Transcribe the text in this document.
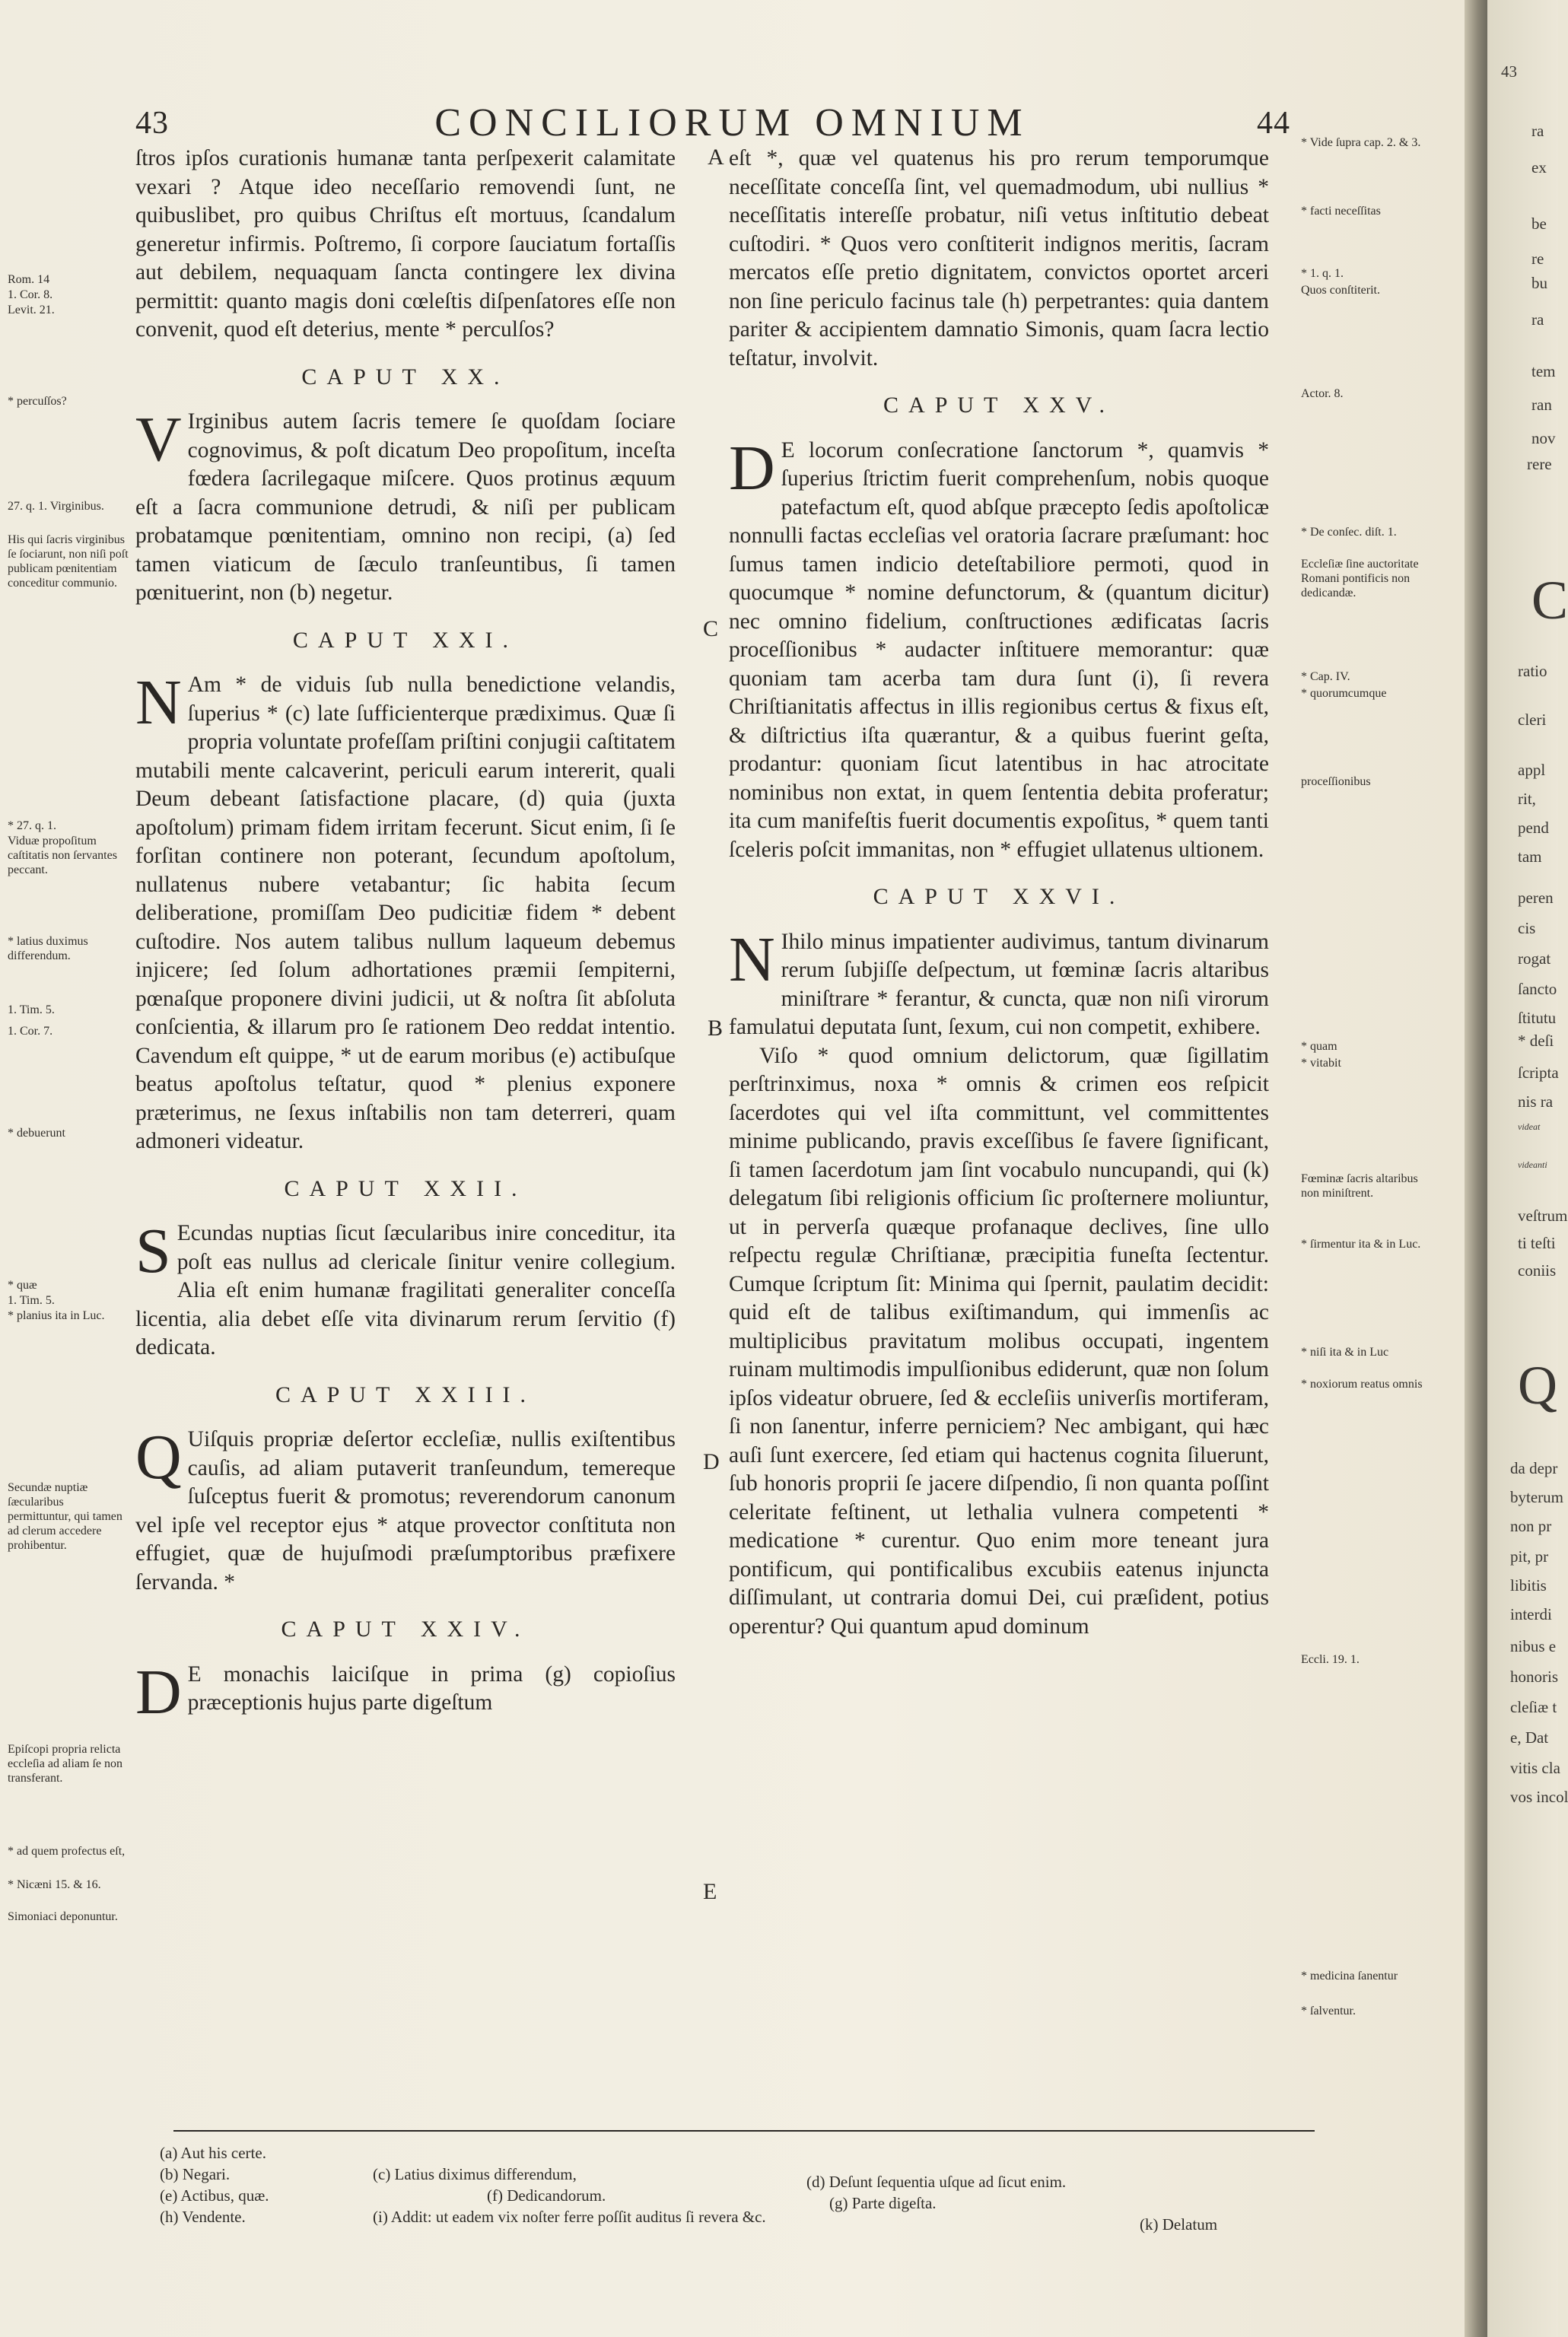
43	CONCILIORUM OMNIUM	44

ſtros ipſos curationis humanæ tanta perſpexerit calamitate vexari ? Atque ideo neceſſario removendi ſunt, ne quibuslibet, pro quibus Chriſtus eſt mortuus, ſcandalum generetur infirmis. Poſtremo, ſi corpore ſauciatum fortaſſis aut debilem, nequaquam ſancta contingere lex divina permittit: quanto magis doni cœleſtis diſpenſatores eſſe non convenit, quod eſt deterius, mente * perculſos?

CAPUT XX.

V Irginibus autem ſacris temere ſe quoſdam ſociare cognovimus, & poſt dicatum Deo propoſitum, inceſta fœdera ſacrilegaque miſcere. Quos protinus æquum eſt a ſacra communione detrudi, & niſi per publicam probatamque pœnitentiam, omnino non recipi, (a) ſed tamen viaticum de ſæculo tranſeuntibus, ſi tamen pœnituerint, non (b) negetur.

CAPUT XXI.

N Am * de viduis ſub nulla benedictione velandis, ſuperius * (c) late ſufficienterque prædiximus. Quæ ſi propria voluntate profeſſam priſtini conjugii caſtitatem mutabili mente calcaverint, periculi earum intererit, quali Deum debeant ſatisfactione placare, (d) quia (juxta apoſtolum) primam fidem irritam fecerunt. Sicut enim, ſi ſe forſitan continere non poterant, ſecundum apoſtolum, nullatenus nubere vetabantur; ſic habita ſecum deliberatione, promiſſam Deo pudicitiæ fidem * debent cuſtodire. Nos autem talibus nullum laqueum debemus injicere; ſed ſolum adhortationes præmii ſempiterni, pœnaſque proponere divini judicii, ut & noſtra ſit abſoluta conſcientia, & illarum pro ſe rationem Deo reddat intentio. Cavendum eſt quippe, * ut de earum moribus (e) actibuſque beatus apoſtolus teſtatur, quod * plenius exponere præterimus, ne ſexus inſtabilis non tam deterreri, quam admoneri videatur.

CAPUT XXII.

S Ecundas nuptias ſicut ſæcularibus inire conceditur, ita poſt eas nullus ad clericale ſinitur venire collegium. Alia eſt enim humanæ fragilitati generaliter conceſſa licentia, alia debet eſſe vita divinarum rerum ſervitio (f) dedicata.

CAPUT XXIII.

Q Uiſquis propriæ deſertor eccleſiæ, nullis exiſtentibus cauſis, ad aliam putaverit tranſeundum, temereque ſuſceptus fuerit & promotus; reverendorum canonum vel ipſe vel receptor ejus * atque provector conſtituta non effugiet, quæ de hujuſmodi præſumptoribus præfixere ſervanda. *

CAPUT XXIV.

D E monachis laiciſque in prima (g) copioſius præceptionis hujus parte digeſtum

eſt *, quæ vel quatenus his pro rerum temporumque neceſſitate conceſſa ſint, vel quemadmodum, ubi nullius * neceſſitatis intereſſe probatur, niſi vetus inſtitutio debeat cuſtodiri. * Quos vero conſtiterit indignos meritis, ſacram mercatos eſſe pretio dignitatem, convictos oportet arceri non ſine periculo facinus tale (h) perpetrantes: quia dantem pariter & accipientem damnatio Simonis, quam ſacra lectio teſtatur, involvit.

CAPUT XXV.

D E locorum conſecratione ſanctorum *, quamvis * ſuperius ſtrictim fuerit comprehenſum, nobis quoque patefactum eſt, quod abſque præcepto ſedis apoſtolicæ nonnulli factas eccleſias vel oratoria ſacrare præſumant: hoc ſumus tamen indicio deteſtabiliore permoti, quod in quocumque * nomine defunctorum, & (quantum dicitur) nec omnino fidelium, conſtructiones ædificatas ſacris proceſſionibus * audacter inſtituere memorantur: quæ quoniam tam acerba tam dura ſunt (i), ſi revera Chriſtianitatis affectus in illis regionibus certus & fixus eſt, & diſtrictius iſta quærantur, & a quibus fuerint geſta, prodantur: quoniam ſicut latentibus in hac atrocitate nominibus non extat, in quem ſententia debita proferatur; ita cum manifeſtis fuerit documentis expoſitus, * quem tanti ſceleris poſcit immanitas, non * effugiet ullatenus ultionem.

CAPUT XXVI.

N Ihilo minus impatienter audivimus, tantum divinarum rerum ſubjiſſe deſpectum, ut fœminæ ſacris altaribus miniſtrare * ferantur, & cuncta, quæ non niſi virorum famulatui deputata ſunt, ſexum, cui non competit, exhibere.

Viſo * quod omnium delictorum, quæ ſigillatim perſtrinximus, noxa * omnis & crimen eos reſpicit ſacerdotes qui vel iſta committunt, vel committentes minime publicando, pravis exceſſibus ſe favere ſignificant, ſi tamen ſacerdotum jam ſint vocabulo nuncupandi, qui (k) delegatum ſibi religionis officium ſic proſternere moliuntur, ut in perverſa quæque profanaque declives, ſine ullo reſpectu regulæ Chriſtianæ, præcipitia funeſta ſectentur. Cumque ſcriptum ſit: Minima qui ſpernit, paulatim decidit: quid eſt de talibus exiſtimandum, qui immenſis ac multiplicibus pravitatum molibus occupati, ingentem ruinam multimodis impulſionibus ediderunt, quæ non ſolum ipſos videatur obruere, ſed & eccleſiis univerſis mortiferam, ſi non ſanentur, inferre perniciem? Nec ambigant, qui hæc auſi ſunt exercere, ſed etiam qui hactenus cognita ſiluerunt, ſub honoris proprii ſe jacere diſpendio, ſi non quanta poſſint celeritate feſtinent, ut lethalia vulnera competenti * medicatione * curentur. Quo enim more teneant jura pontificum, qui pontificalibus excubiis eatenus injuncta diſſimulant, ut contraria domui Dei, cui præſident, potius operentur? Qui quantum apud dominum

A
C
B
D
E
Rom. 14
1. Cor. 8.
Levit. 21.
* percuſſos?
27. q. 1. Virginibus.
His qui ſacris virginibus ſe ſociarunt, non niſi poſt publicam pœnitentiam conceditur communio.
* 27. q. 1.
Viduæ propoſitum caſtitatis non ſervantes peccant.
* latius duximus differendum.
1. Tim. 5.
1. Cor. 7.
* debuerunt
* quæ
1. Tim. 5.
* planius ita in Luc.
Secundæ nuptiæ ſæcularibus permittuntur, qui tamen ad clerum accedere prohibentur.
Epiſcopi propria relicta eccleſia ad aliam ſe non transferant.
* ad quem profectus eſt,
* Nicæni 15. & 16.
Simoniaci deponuntur.
* Vide ſupra cap. 2. & 3.
* facti neceſſitas
* 1. q. 1.
Quos conſtiterit.
Actor. 8.
* De conſec. diſt. 1.
Eccleſiæ ſine auctoritate Romani pontificis non dedicandæ.
* Cap. IV.
* quorumcumque
proceſſionibus
* quam
* vitabit
Fœminæ ſacris altaribus non miniſtrent.
* ſirmentur ita & in Luc.
* niſi ita & in Luc
* noxiorum reatus omnis
Eccli. 19. 1.
* medicina ſanentur
* ſalventur.
(a) Aut his certe.
(b) Negari.	(c) Latius diximus differendum,	(d) Deſunt ſequentia uſque ad ſicut enim.
(e) Actibus, quæ.	(f) Dedicandorum.	(g) Parte digeſta.
(h) Vendente.	(i) Addit: ut eadem vix noſter ferre poſſit auditus ſi revera &c.	(k) Delatum
43
ra
ex
be
re
bu
ra
tem
ran
nov
rere
C
ratio
cleri
appl
rit,
pend
tam
peren
cis
rogat
ſancto
ſtitutu
* deſi
ſcripta
nis ra
videat
videanti
veſtrum
ti teſti
coniis
Q
da depr
byterum
non pr
pit, pr
libitis
interdi
nibus e
honoris
cleſiæ t
e, Dat
vitis cla
vos incol
